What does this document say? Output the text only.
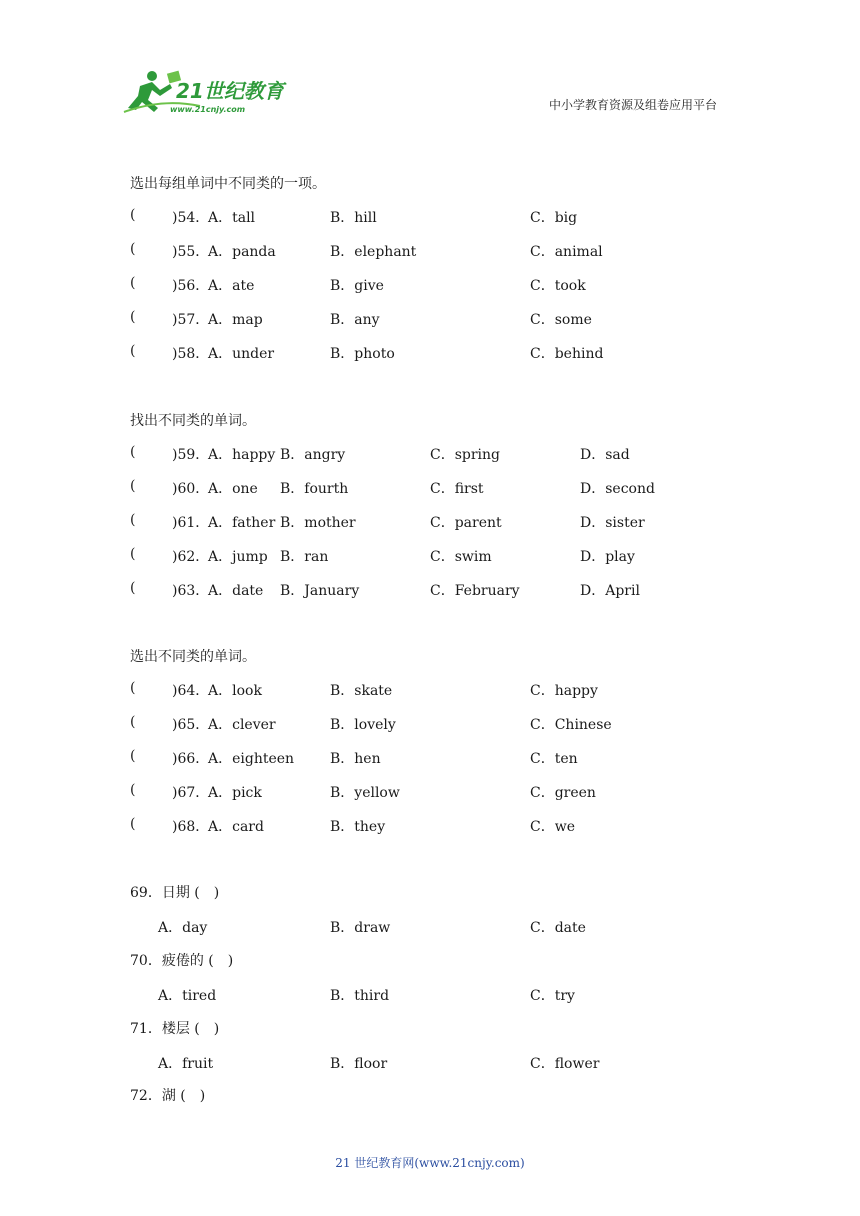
21世纪教育
www.21cnjy.com	中小学教育资源及组卷应用平台
选出每组单词中不同类的一项。
(	)54．
A．tall	B．hill	C．big
(	)55．
A．panda	B．elephant	C．animal
(	)56．
A．ate	B．give	C．took
(	)57．
A．map	B．any	C．some
(	)58．
A．under	B．photo	C．behind
找出不同类的单词。
(	)59．
A．happy B．angry	C．spring	D．sad
(	)60．
A．one B．fourth	C．first	D．second
(	)61．
A．father B．mother	C．parent	D．sister
(	)62．
A．jump B．ran	C．swim	D．play
(	)63．
A．date B．January	C．February	D．April
选出不同类的单词。
(	)64．
A．look	B．skate	C．happy
(	)65．
A．clever	B．lovely	C．Chinese
(	)66．
A．eighteen	B．hen	C．ten
(	)67．
A．pick	B．yellow	C．green
(	)68．
A．card	B．they	C．we
69．日期 (　)
A．day	B．draw	C．date
70．疲倦的 (　)
A．tired	B．third	C．try
71．楼层 (　)
A．fruit	B．floor	C．flower
72．湖 (　)
21 世纪教育网(www.21cnjy.com)
